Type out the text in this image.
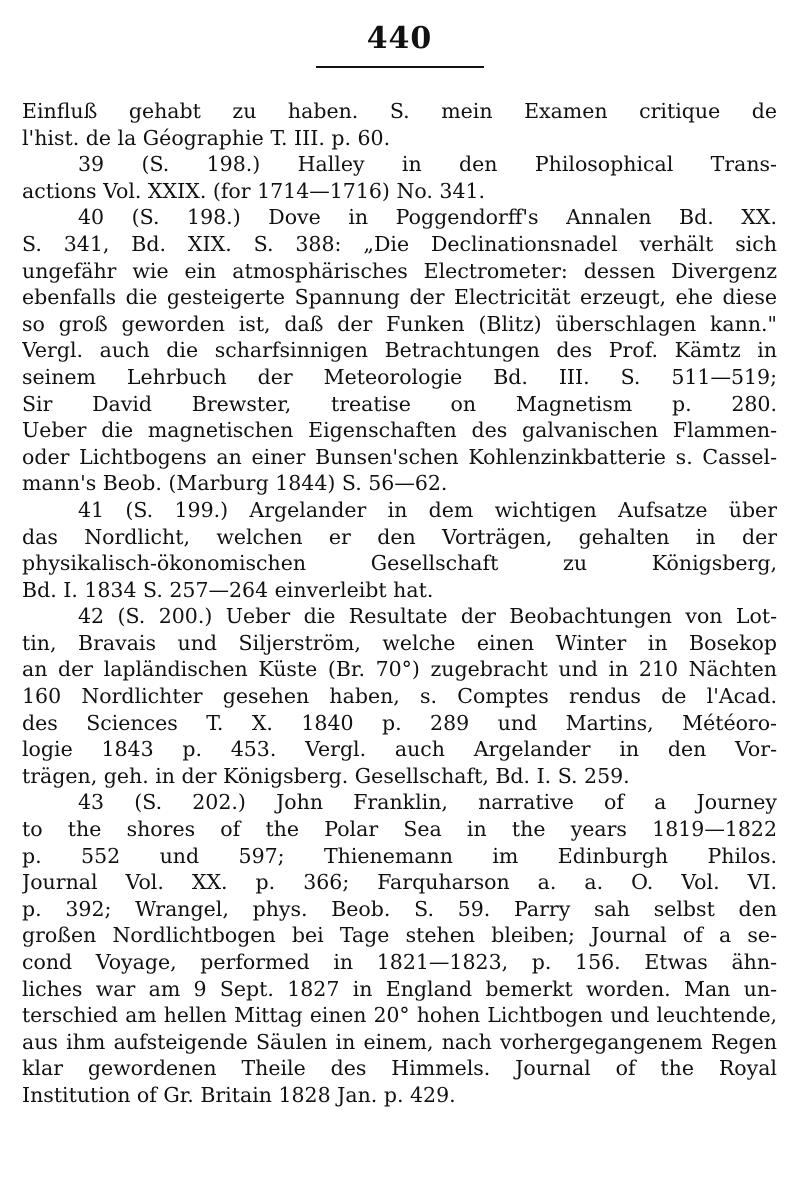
440
Einfluß gehabt zu haben. S. mein Examen critique de
l'hist. de la Géographie T. III. p. 60.
39 (S. 198.) Halley in den Philosophical Trans-
actions Vol. XXIX. (for 1714—1716) No. 341.
40 (S. 198.) Dove in Poggendorff's Annalen Bd. XX.
S. 341, Bd. XIX. S. 388: „Die Declinationsnadel verhält sich
ungefähr wie ein atmosphärisches Electrometer: dessen Divergenz
ebenfalls die gesteigerte Spannung der Electricität erzeugt, ehe diese
so groß geworden ist, daß der Funken (Blitz) überschlagen kann."
Vergl. auch die scharfsinnigen Betrachtungen des Prof. Kämtz in
seinem Lehrbuch der Meteorologie Bd. III. S. 511—519;
Sir David Brewster, treatise on Magnetism p. 280.
Ueber die magnetischen Eigenschaften des galvanischen Flammen-
oder Lichtbogens an einer Bunsen'schen Kohlenzinkbatterie s. Cassel-
mann's Beob. (Marburg 1844) S. 56—62.
41 (S. 199.) Argelander in dem wichtigen Aufsatze über
das Nordlicht, welchen er den Vorträgen, gehalten in der
physikalisch-ökonomischen Gesellschaft zu Königsberg,
Bd. I. 1834 S. 257—264 einverleibt hat.
42 (S. 200.) Ueber die Resultate der Beobachtungen von Lot-
tin, Bravais und Siljerström, welche einen Winter in Bosekop
an der lapländischen Küste (Br. 70°) zugebracht und in 210 Nächten
160 Nordlichter gesehen haben, s. Comptes rendus de l'Acad.
des Sciences T. X. 1840 p. 289 und Martins, Météoro-
logie 1843 p. 453. Vergl. auch Argelander in den Vor-
trägen, geh. in der Königsberg. Gesellschaft, Bd. I. S. 259.
43 (S. 202.) John Franklin, narrative of a Journey
to the shores of the Polar Sea in the years 1819—1822
p. 552 und 597; Thienemann im Edinburgh Philos.
Journal Vol. XX. p. 366; Farquharson a. a. O. Vol. VI.
p. 392; Wrangel, phys. Beob. S. 59. Parry sah selbst den
großen Nordlichtbogen bei Tage stehen bleiben; Journal of a se-
cond Voyage, performed in 1821—1823, p. 156. Etwas ähn-
liches war am 9 Sept. 1827 in England bemerkt worden. Man un-
terschied am hellen Mittag einen 20° hohen Lichtbogen und leuchtende,
aus ihm aufsteigende Säulen in einem, nach vorhergegangenem Regen
klar gewordenen Theile des Himmels. Journal of the Royal
Institution of Gr. Britain 1828 Jan. p. 429.
